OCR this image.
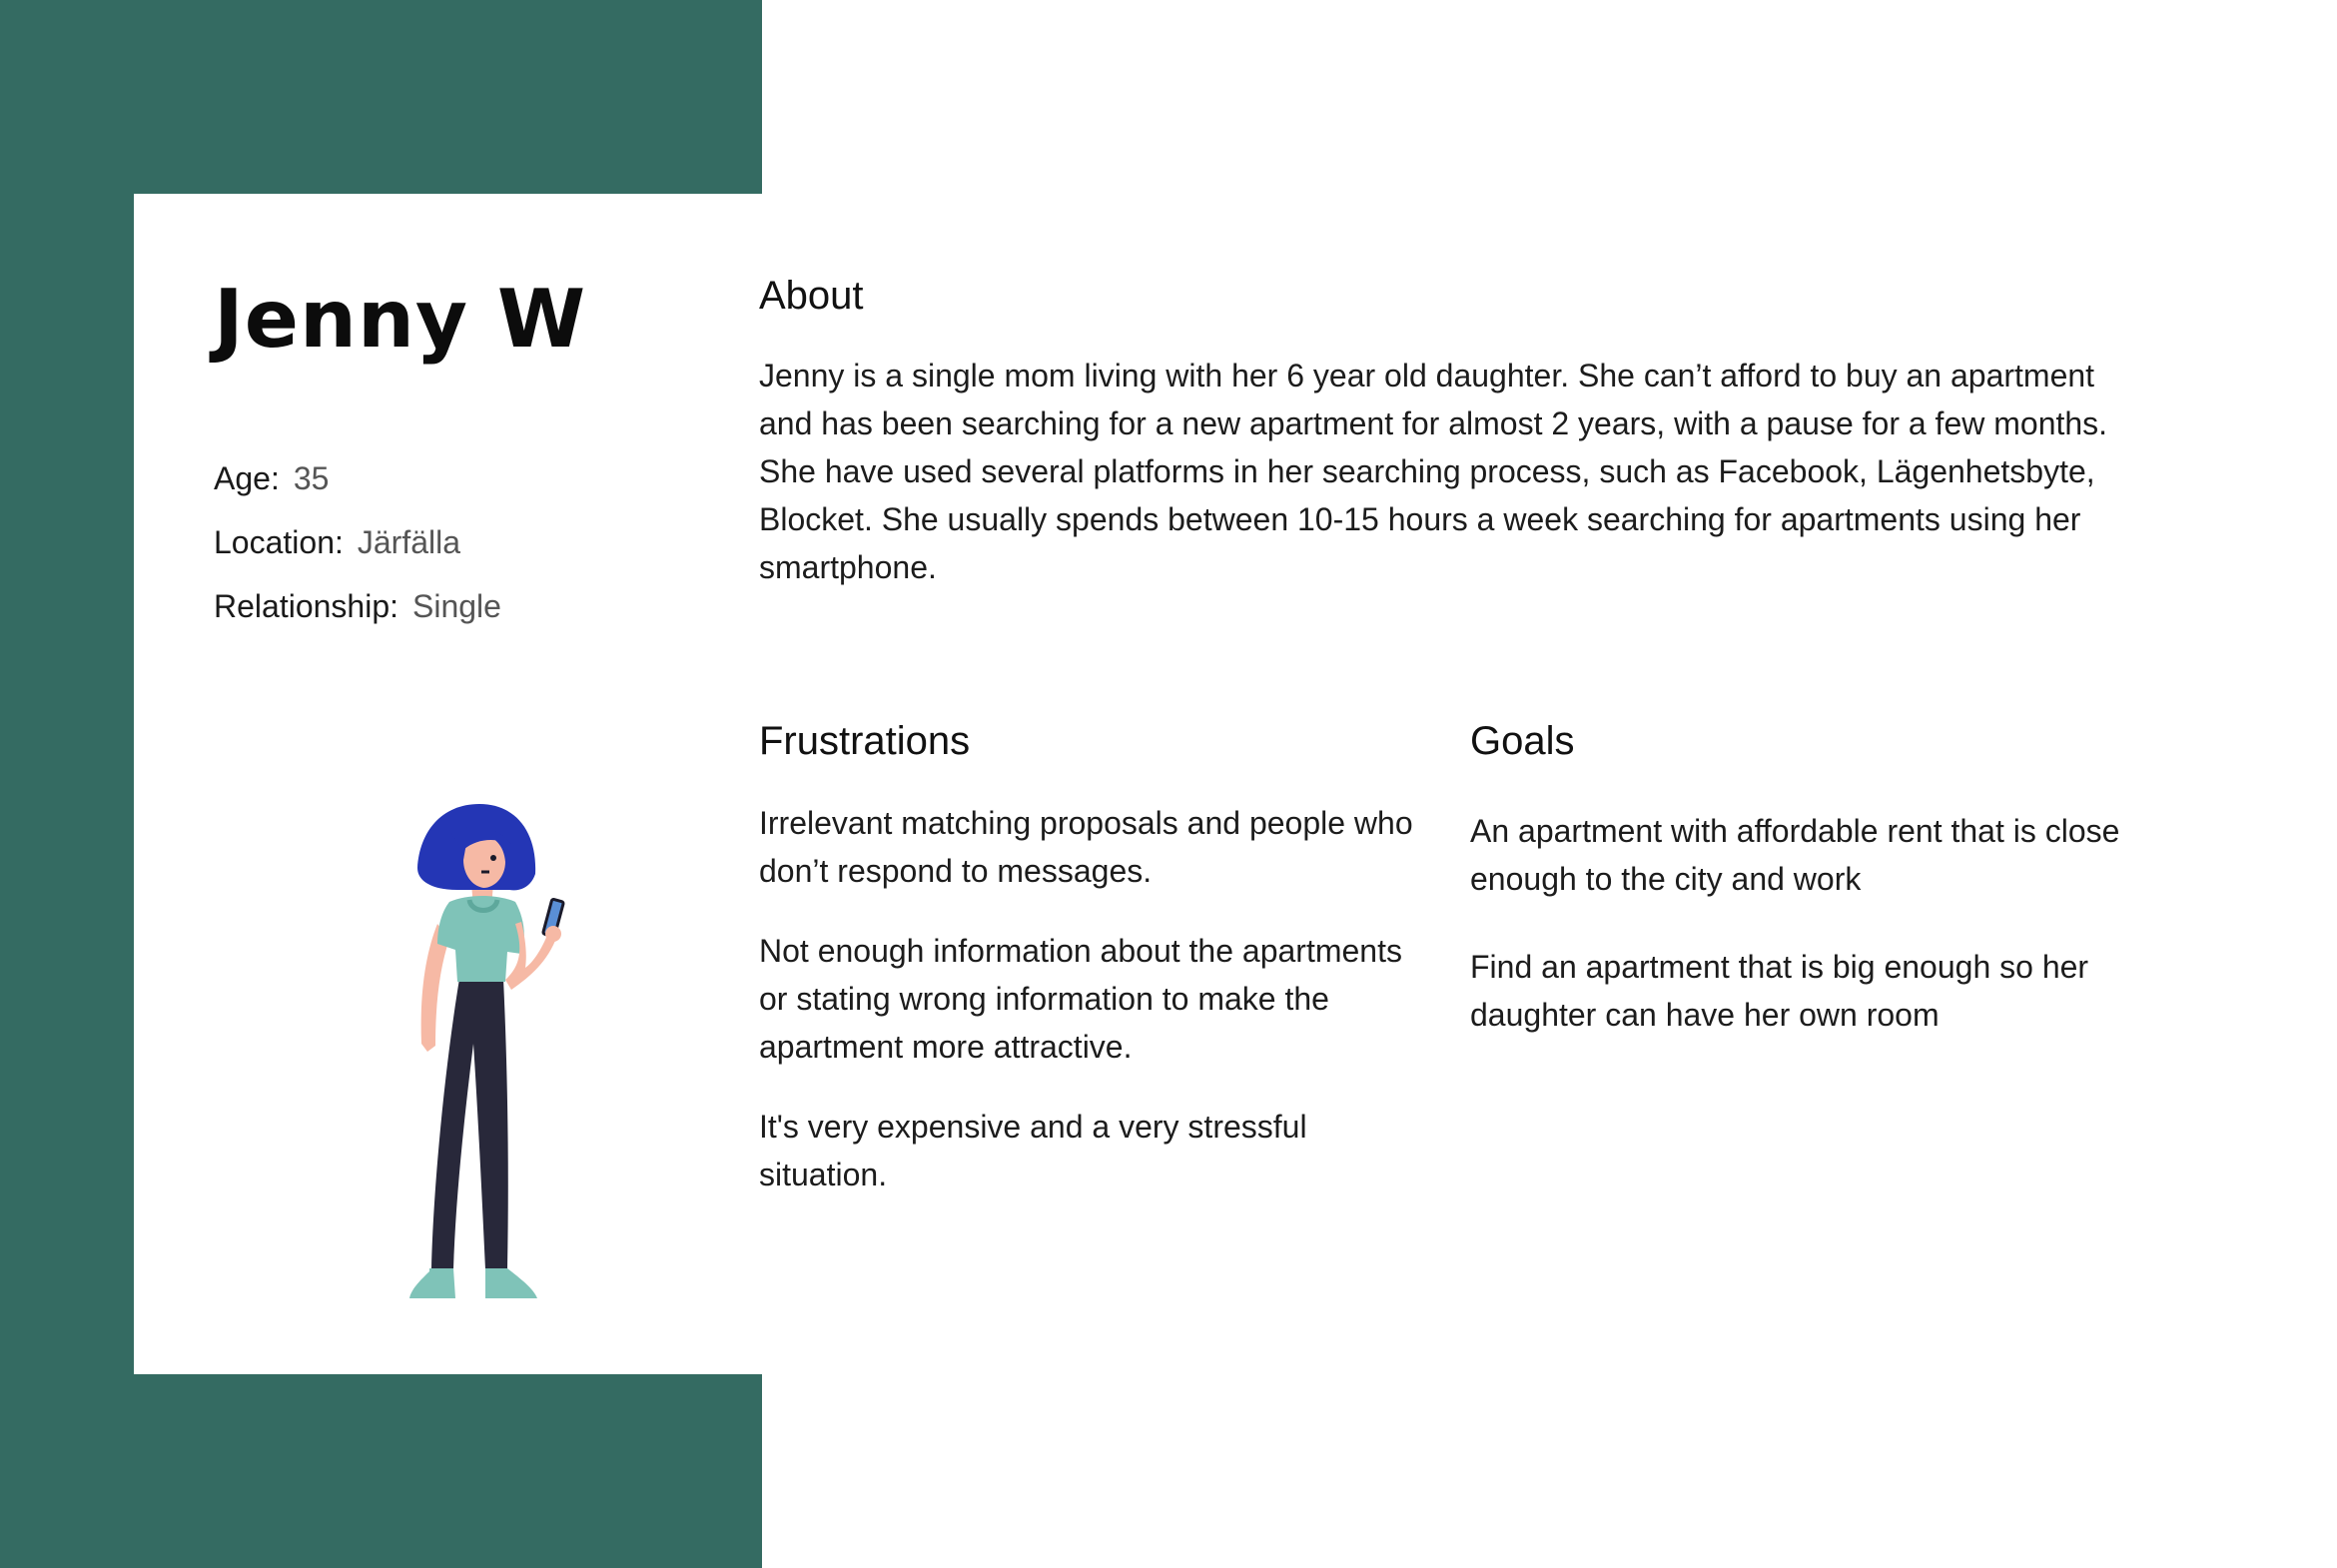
Jenny W
Age: 35
Location: Järfälla
Relationship: Single
About

Jenny is a single mom living with her 6 year old daughter. She can’t afford to buy an apartment and has been searching for a new apartment for almost 2 years, with a pause for a few months. She have used several platforms in her searching process, such as Facebook, Lägenhetsbyte, Blocket. She usually spends between 10-15 hours a week searching for apartments using her smartphone.

Frustrations

Irrelevant matching proposals and people who don’t respond to messages.

Not enough information about the apartments or stating wrong information to make the apartment more attractive.

It's very expensive and a very stressful situation.

Goals

An apartment with affordable rent that is close enough to the city and work

Find an apartment that is big enough so her daughter can have her own room
